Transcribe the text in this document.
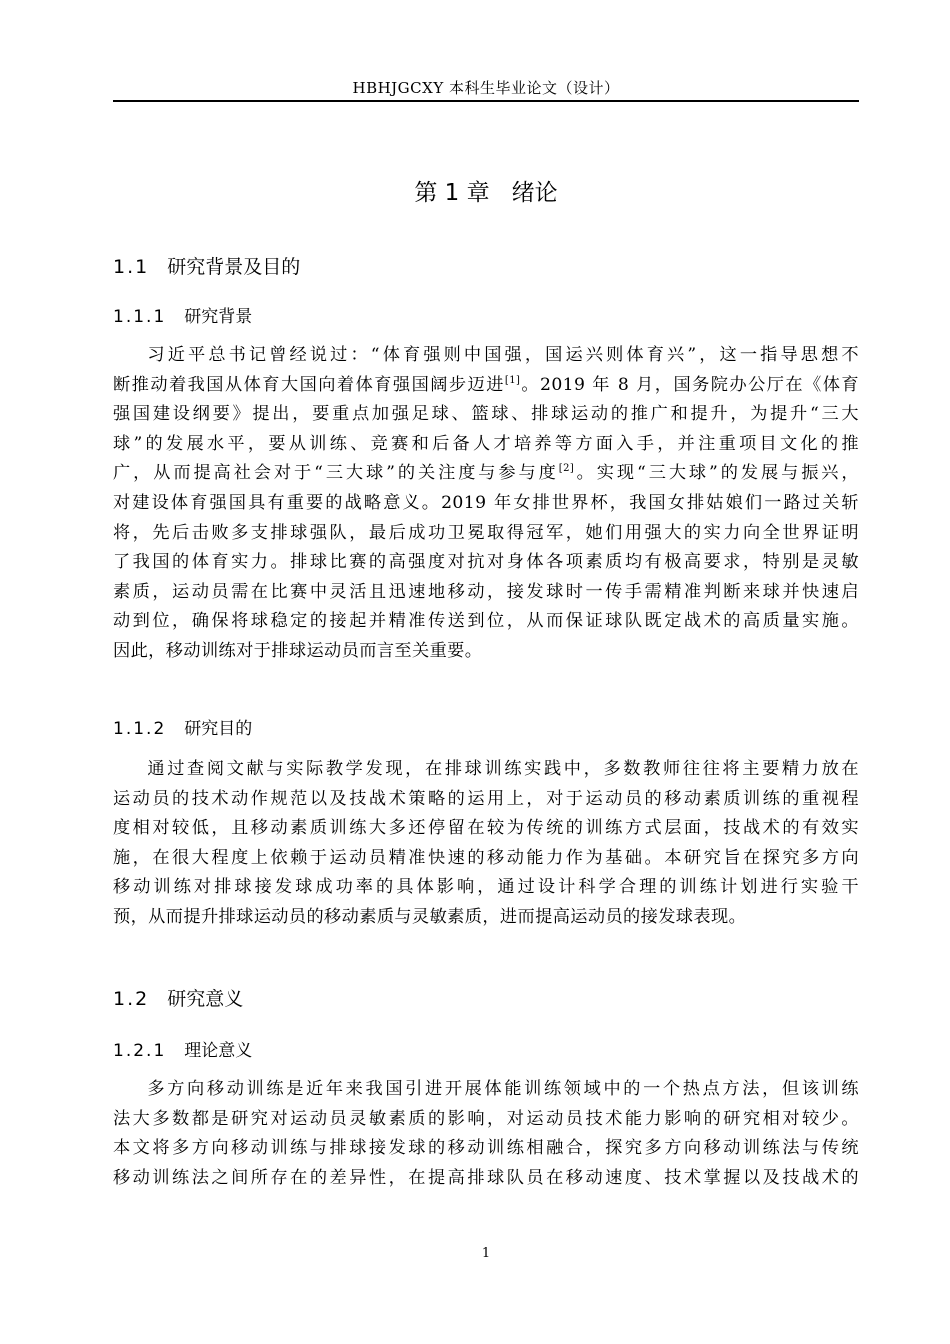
HBHJGCXY 本科生毕业论文（设计）
第 1 章 绪论
1.1 研究背景及目的
1.1.1 研究背景
习近平总书记曾经说过：“体育强则中国强，国运兴则体育兴”，这一指导思想不
断推动着我国从体育大国向着体育强国阔步迈进[1]。2019 年 8 月，国务院办公厅在《体育
强国建设纲要》提出，要重点加强足球、篮球、排球运动的推广和提升，为提升“三大
球”的发展水平，要从训练、竞赛和后备人才培养等方面入手，并注重项目文化的推
广，从而提高社会对于“三大球”的关注度与参与度[2]。实现“三大球”的发展与振兴，
对建设体育强国具有重要的战略意义。2019 年女排世界杯，我国女排姑娘们一路过关斩
将，先后击败多支排球强队，最后成功卫冕取得冠军，她们用强大的实力向全世界证明
了我国的体育实力。排球比赛的高强度对抗对身体各项素质均有极高要求，特别是灵敏
素质，运动员需在比赛中灵活且迅速地移动，接发球时一传手需精准判断来球并快速启
动到位，确保将球稳定的接起并精准传送到位，从而保证球队既定战术的高质量实施。
因此，移动训练对于排球运动员而言至关重要。
1.1.2 研究目的
通过查阅文献与实际教学发现，在排球训练实践中，多数教师往往将主要精力放在
运动员的技术动作规范以及技战术策略的运用上，对于运动员的移动素质训练的重视程
度相对较低，且移动素质训练大多还停留在较为传统的训练方式层面，技战术的有效实
施，在很大程度上依赖于运动员精准快速的移动能力作为基础。本研究旨在探究多方向
移动训练对排球接发球成功率的具体影响，通过设计科学合理的训练计划进行实验干
预，从而提升排球运动员的移动素质与灵敏素质，进而提高运动员的接发球表现。
1.2 研究意义
1.2.1 理论意义
多方向移动训练是近年来我国引进开展体能训练领域中的一个热点方法，但该训练
法大多数都是研究对运动员灵敏素质的影响，对运动员技术能力影响的研究相对较少。
本文将多方向移动训练与排球接发球的移动训练相融合，探究多方向移动训练法与传统
移动训练法之间所存在的差异性，在提高排球队员在移动速度、技术掌握以及技战术的
1
